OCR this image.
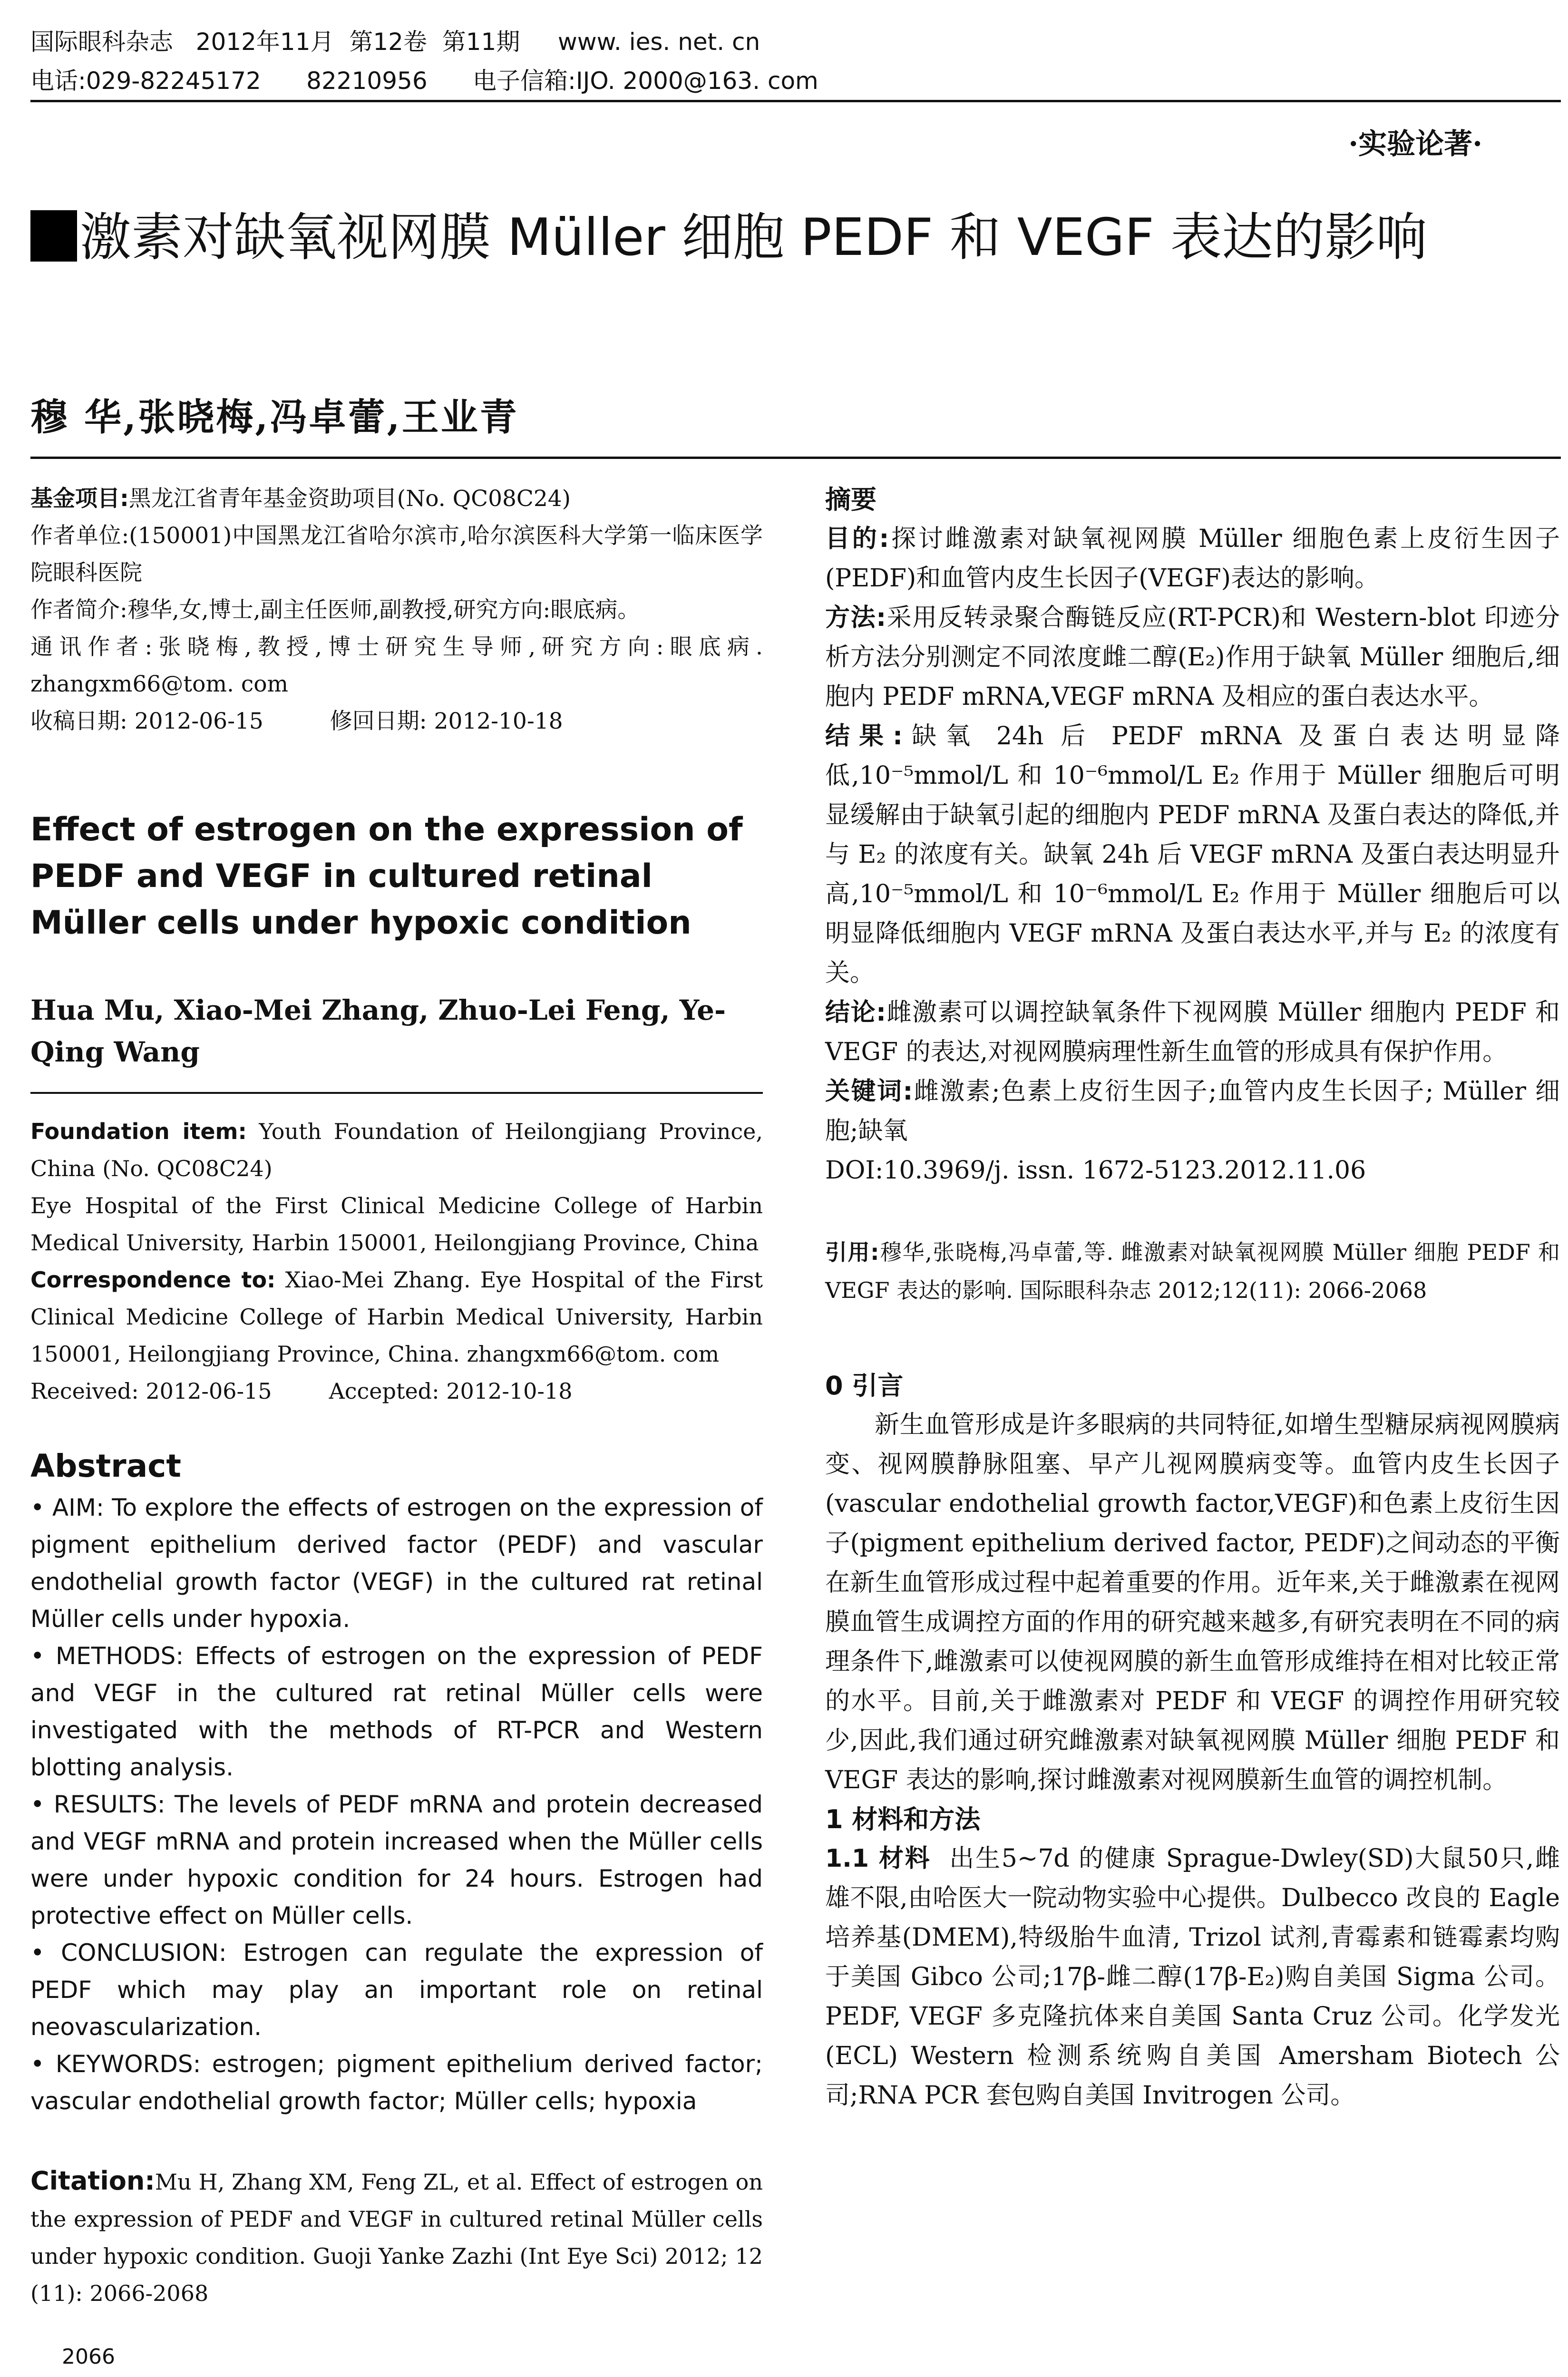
国际眼科杂志   2012年11月  第12卷  第11期     www. ies. net. cn
电话:029-82245172      82210956      电子信箱:IJO. 2000@163. com
·实验论著·
激素对缺氧视网膜 Müller 细胞 PEDF 和 VEGF 表达的影响
穆 华,张晓梅,冯卓蕾,王业青

基金项目:黑龙江省青年基金资助项目(No. QC08C24)

作者单位:(150001)中国黑龙江省哈尔滨市,哈尔滨医科大学第一临床医学院眼科医院

作者简介:穆华,女,博士,副主任医师,副教授,研究方向:眼底病。

通讯作者:张晓梅,教授,博士研究生导师,研究方向:眼底病. zhangxm66@tom. com

收稿日期: 2012-06-15	修回日期: 2012-10-18

Effect of estrogen on the expression of PEDF and VEGF in cultured retinal Müller cells under hypoxic condition

Hua Mu, Xiao-Mei Zhang, Zhuo-Lei Feng, Ye-Qing Wang

Foundation item: Youth Foundation of Heilongjiang Province, China (No. QC08C24)

Eye Hospital of the First Clinical Medicine College of Harbin Medical University, Harbin 150001, Heilongjiang Province, China

Correspondence to: Xiao-Mei Zhang. Eye Hospital of the First Clinical Medicine College of Harbin Medical University, Harbin 150001, Heilongjiang Province, China. zhangxm66@tom. com

Received: 2012-06-15	Accepted: 2012-10-18

Abstract

• AIM: To explore the effects of estrogen on the expression of pigment epithelium derived factor (PEDF) and vascular endothelial growth factor (VEGF) in the cultured rat retinal Müller cells under hypoxia.

• METHODS: Effects of estrogen on the expression of PEDF and VEGF in the cultured rat retinal Müller cells were investigated with the methods of RT-PCR and Western blotting analysis.

• RESULTS: The levels of PEDF mRNA and protein decreased and VEGF mRNA and protein increased when the Müller cells were under hypoxic condition for 24 hours. Estrogen had protective effect on Müller cells.

• CONCLUSION: Estrogen can regulate the expression of PEDF which may play an important role on retinal neovascularization.

• KEYWORDS: estrogen; pigment epithelium derived factor; vascular endothelial growth factor; Müller cells; hypoxia

Citation:Mu H, Zhang XM, Feng ZL, et al. Effect of estrogen on the expression of PEDF and VEGF in cultured retinal Müller cells under hypoxic condition. Guoji Yanke Zazhi (Int Eye Sci) 2012; 12 (11): 2066-2068

2066

摘要

目的:探讨雌激素对缺氧视网膜 Müller 细胞色素上皮衍生因子(PEDF)和血管内皮生长因子(VEGF)表达的影响。

方法:采用反转录聚合酶链反应(RT-PCR)和 Western-blot 印迹分析方法分别测定不同浓度雌二醇(E₂)作用于缺氧 Müller 细胞后,细胞内 PEDF mRNA,VEGF mRNA 及相应的蛋白表达水平。

结果:缺氧 24h 后 PEDF mRNA 及蛋白表达明显降低,10⁻⁵mmol/L 和 10⁻⁶mmol/L E₂ 作用于 Müller 细胞后可明显缓解由于缺氧引起的细胞内 PEDF mRNA 及蛋白表达的降低,并与 E₂ 的浓度有关。缺氧 24h 后 VEGF mRNA 及蛋白表达明显升高,10⁻⁵mmol/L 和 10⁻⁶mmol/L E₂ 作用于 Müller 细胞后可以明显降低细胞内 VEGF mRNA 及蛋白表达水平,并与 E₂ 的浓度有关。

结论:雌激素可以调控缺氧条件下视网膜 Müller 细胞内 PEDF 和 VEGF 的表达,对视网膜病理性新生血管的形成具有保护作用。

关键词:雌激素;色素上皮衍生因子;血管内皮生长因子; Müller 细胞;缺氧

DOI:10.3969/j. issn. 1672-5123.2012.11.06

引用:穆华,张晓梅,冯卓蕾,等. 雌激素对缺氧视网膜 Müller 细胞 PEDF 和 VEGF 表达的影响. 国际眼科杂志 2012;12(11): 2066-2068

0 引言

新生血管形成是许多眼病的共同特征,如增生型糖尿病视网膜病变、视网膜静脉阻塞、早产儿视网膜病变等。血管内皮生长因子(vascular endothelial growth factor,VEGF)和色素上皮衍生因子(pigment epithelium derived factor, PEDF)之间动态的平衡在新生血管形成过程中起着重要的作用。近年来,关于雌激素在视网膜血管生成调控方面的作用的研究越来越多,有研究表明在不同的病理条件下,雌激素可以使视网膜的新生血管形成维持在相对比较正常的水平。目前,关于雌激素对 PEDF 和 VEGF 的调控作用研究较少,因此,我们通过研究雌激素对缺氧视网膜 Müller 细胞 PEDF 和 VEGF 表达的影响,探讨雌激素对视网膜新生血管的调控机制。

1 材料和方法

1.1 材料 出生5~7d 的健康 Sprague-Dwley(SD)大鼠50只,雌雄不限,由哈医大一院动物实验中心提供。Dulbecco 改良的 Eagle 培养基(DMEM),特级胎牛血清, Trizol 试剂,青霉素和链霉素均购于美国 Gibco 公司;17β-雌二醇(17β-E₂)购自美国 Sigma 公司。PEDF, VEGF 多克隆抗体来自美国 Santa Cruz 公司。化学发光(ECL) Western 检测系统购自美国 Amersham Biotech 公司;RNA PCR 套包购自美国 Invitrogen 公司。
